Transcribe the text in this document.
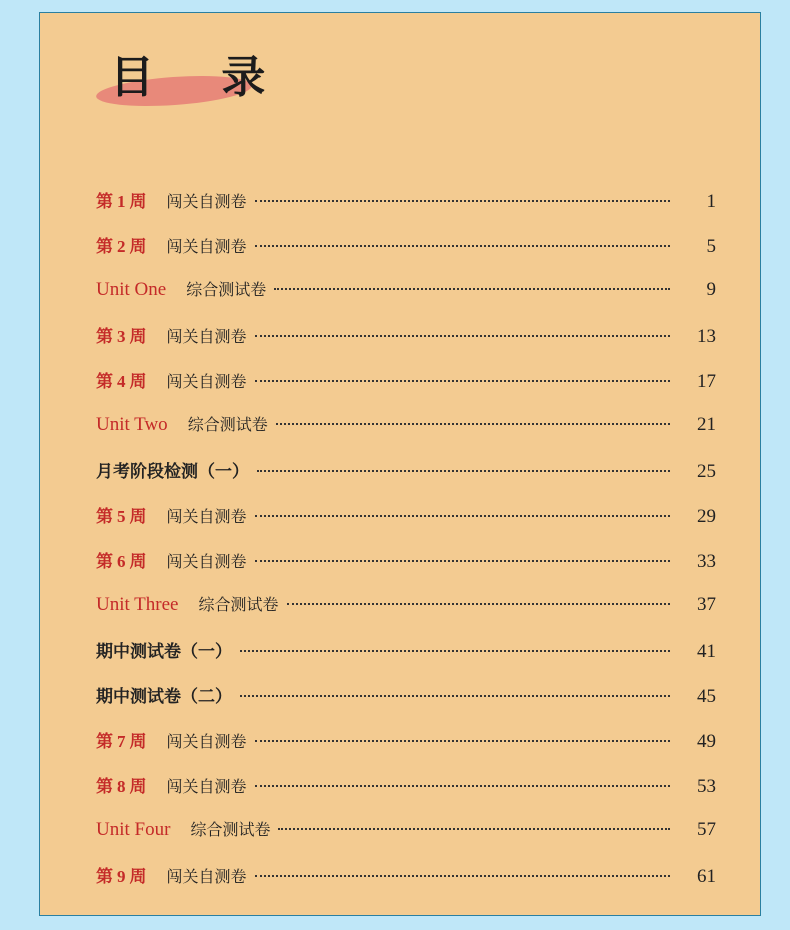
目 录
第 1 周 闯关自测卷	1
第 2 周 闯关自测卷	5
Unit One 综合测试卷	9
第 3 周 闯关自测卷	13
第 4 周 闯关自测卷	17
Unit Two 综合测试卷	21
月考阶段检测（一）	25
第 5 周 闯关自测卷	29
第 6 周 闯关自测卷	33
Unit Three 综合测试卷	37
期中测试卷（一）	41
期中测试卷（二）	45
第 7 周 闯关自测卷	49
第 8 周 闯关自测卷	53
Unit Four 综合测试卷	57
第 9 周 闯关自测卷	61
